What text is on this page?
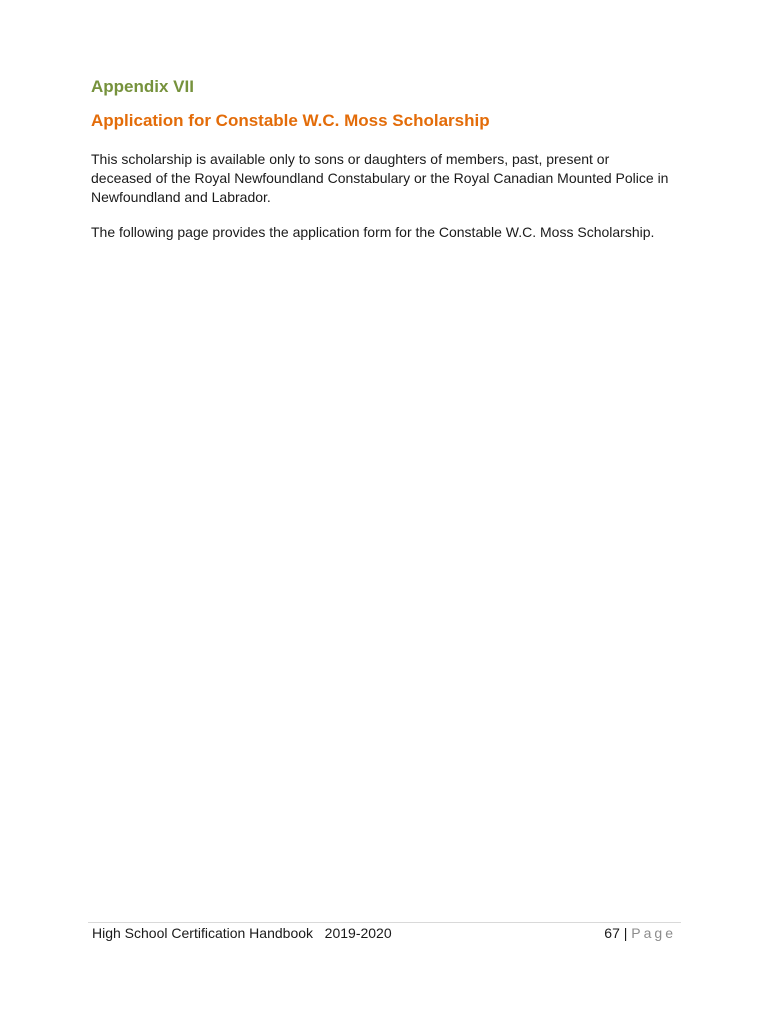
Appendix VII
Application for Constable W.C. Moss Scholarship

This scholarship is available only to sons or daughters of members, past, present or deceased of the Royal Newfoundland Constabulary or the Royal Canadian Mounted Police in Newfoundland and Labrador.

The following page provides the application form for the Constable W.C. Moss Scholarship.

High School Certification Handbook   2019-2020	67 | Page
